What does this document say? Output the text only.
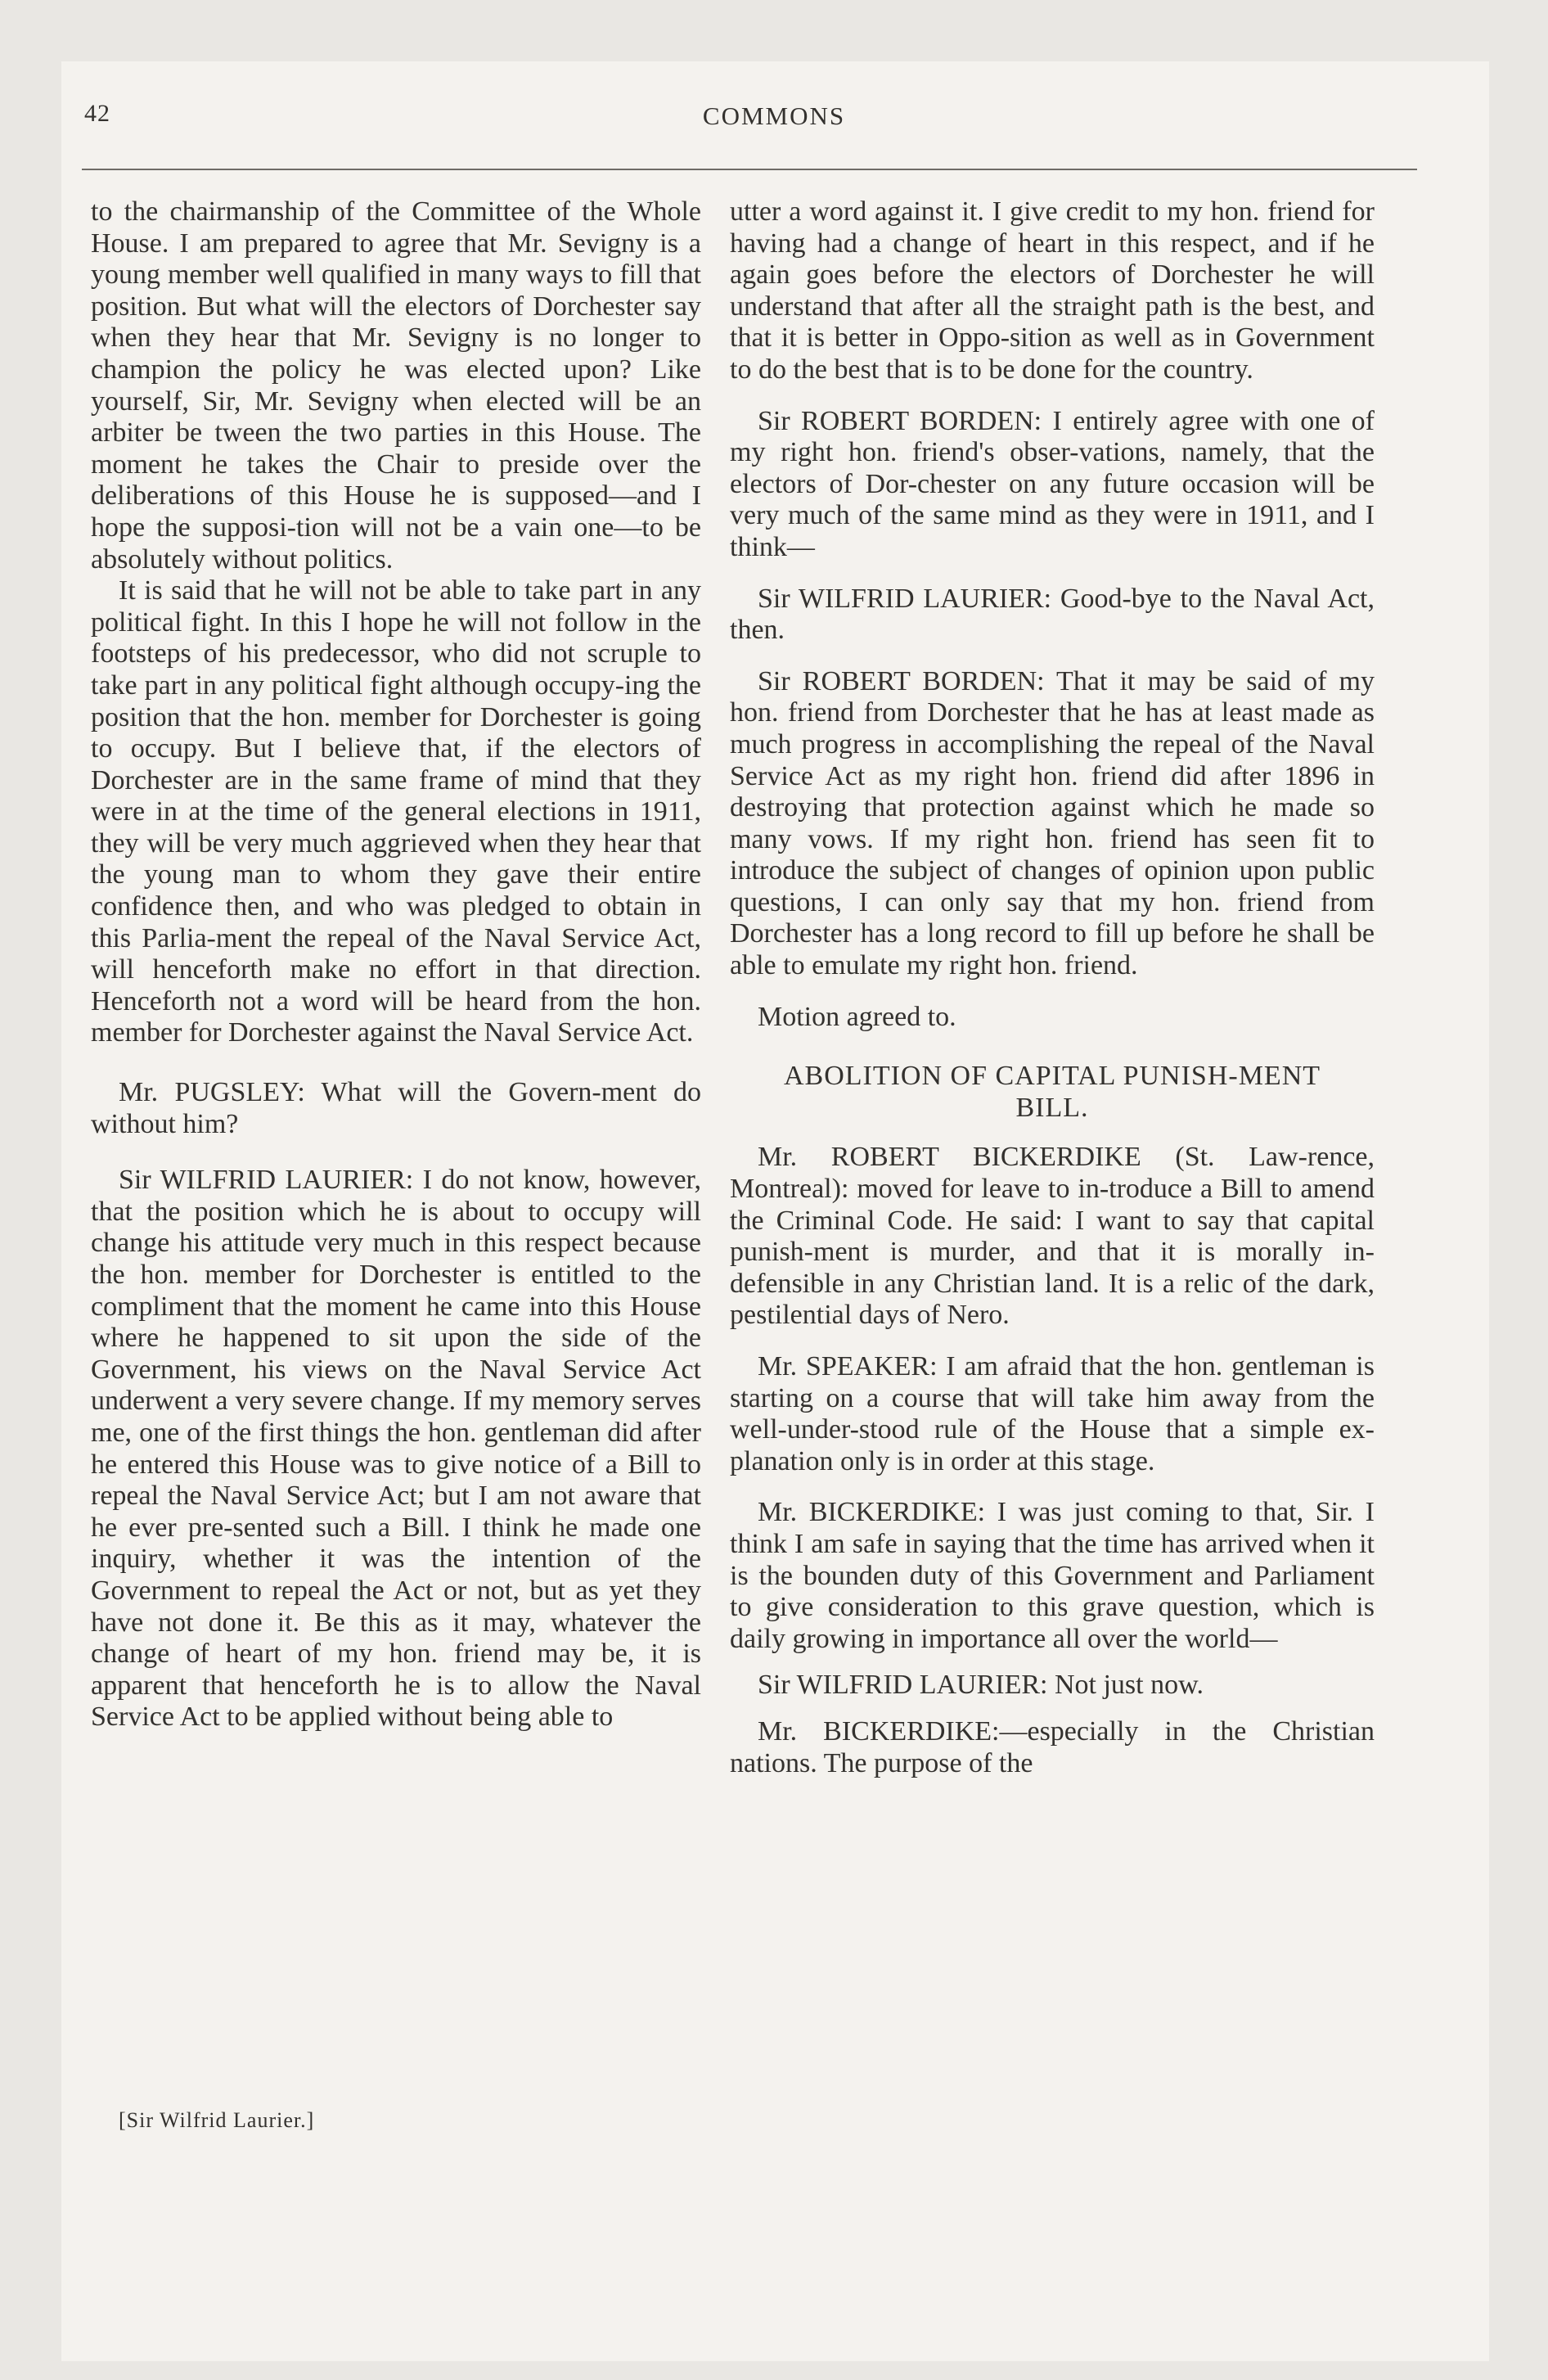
42	COMMONS

to the chairmanship of the Committee of the Whole House. I am prepared to agree that Mr. Sevigny is a young member well qualified in many ways to fill that position. But what will the electors of Dorchester say when they hear that Mr. Sevigny is no longer to champion the policy he was elected upon? Like yourself, Sir, Mr. Sevigny when elected will be an arbiter be tween the two parties in this House. The moment he takes the Chair to preside over the deliberations of this House he is supposed—and I hope the supposi-tion will not be a vain one—to be absolutely without politics.

It is said that he will not be able to take part in any political fight. In this I hope he will not follow in the footsteps of his predecessor, who did not scruple to take part in any political fight although occupy-ing the position that the hon. member for Dorchester is going to occupy. But I believe that, if the electors of Dorchester are in the same frame of mind that they were in at the time of the general elections in 1911, they will be very much aggrieved when they hear that the young man to whom they gave their entire confidence then, and who was pledged to obtain in this Parlia-ment the repeal of the Naval Service Act, will henceforth make no effort in that direction. Henceforth not a word will be heard from the hon. member for Dorchester against the Naval Service Act.

Mr. PUGSLEY: What will the Govern-ment do without him?

Sir WILFRID LAURIER: I do not know, however, that the position which he is about to occupy will change his attitude very much in this respect because the hon. member for Dorchester is entitled to the compliment that the moment he came into this House where he happened to sit upon the side of the Government, his views on the Naval Service Act underwent a very severe change. If my memory serves me, one of the first things the hon. gentleman did after he entered this House was to give notice of a Bill to repeal the Naval Service Act; but I am not aware that he ever pre-sented such a Bill. I think he made one inquiry, whether it was the intention of the Government to repeal the Act or not, but as yet they have not done it. Be this as it may, whatever the change of heart of my hon. friend may be, it is apparent that henceforth he is to allow the Naval Service Act to be applied without being able to

utter a word against it. I give credit to my hon. friend for having had a change of heart in this respect, and if he again goes before the electors of Dorchester he will understand that after all the straight path is the best, and that it is better in Oppo-sition as well as in Government to do the best that is to be done for the country.

Sir ROBERT BORDEN: I entirely agree with one of my right hon. friend's obser-vations, namely, that the electors of Dor-chester on any future occasion will be very much of the same mind as they were in 1911, and I think—

Sir WILFRID LAURIER: Good-bye to the Naval Act, then.

Sir ROBERT BORDEN: That it may be said of my hon. friend from Dorchester that he has at least made as much progress in accomplishing the repeal of the Naval Service Act as my right hon. friend did after 1896 in destroying that protection against which he made so many vows. If my right hon. friend has seen fit to introduce the subject of changes of opinion upon public questions, I can only say that my hon. friend from Dorchester has a long record to fill up before he shall be able to emulate my right hon. friend.

Motion agreed to.

ABOLITION OF CAPITAL PUNISH-MENT BILL.

Mr. ROBERT BICKERDIKE (St. Law-rence, Montreal): moved for leave to in-troduce a Bill to amend the Criminal Code. He said: I want to say that capital punish-ment is murder, and that it is morally in-defensible in any Christian land. It is a relic of the dark, pestilential days of Nero.

Mr. SPEAKER: I am afraid that the hon. gentleman is starting on a course that will take him away from the well-under-stood rule of the House that a simple ex-planation only is in order at this stage.

Mr. BICKERDIKE: I was just coming to that, Sir. I think I am safe in saying that the time has arrived when it is the bounden duty of this Government and Parliament to give consideration to this grave question, which is daily growing in importance all over the world—

Sir WILFRID LAURIER: Not just now.

Mr. BICKERDIKE:—especially in the Christian nations. The purpose of the

[Sir Wilfrid Laurier.]
